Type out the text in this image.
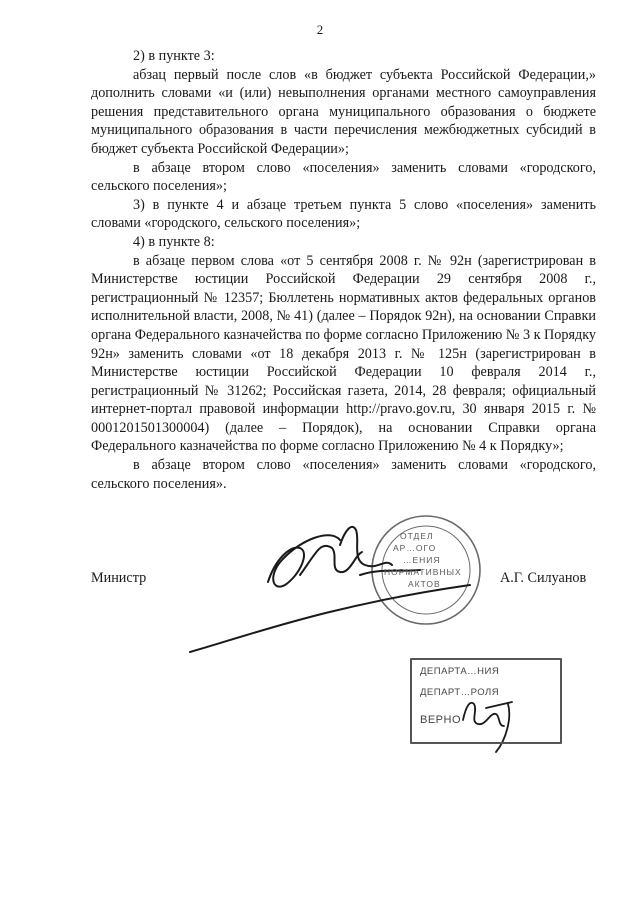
2

2) в пункте 3:

абзац первый после слов «в бюджет субъекта Российской Федерации,» дополнить словами «и (или) невыполнения органами местного самоуправления решения представительного органа муниципального образования о бюджете муниципального образования в части перечисления межбюджетных субсидий в бюджет субъекта Российской Федерации»;

в абзаце втором слово «поселения» заменить словами «городского, сельского поселения»;

3) в пункте 4 и абзаце третьем пункта 5 слово «поселения» заменить словами «городского, сельского поселения»;

4) в пункте 8:

в абзаце первом слова «от 5 сентября 2008 г. № 92н (зарегистрирован в Министерстве юстиции Российской Федерации 29 сентября 2008 г., регистрационный № 12357; Бюллетень нормативных актов федеральных органов исполнительной власти, 2008, № 41) (далее – Порядок 92н), на основании Справки органа Федерального казначейства по форме согласно Приложению № 3 к Порядку 92н» заменить словами «от 18 декабря 2013 г. № 125н (зарегистрирован в Министерстве юстиции Российской Федерации 10 февраля 2014 г., регистрационный № 31262; Российская газета, 2014, 28 февраля; официальный интернет-портал правовой информации http://pravo.gov.ru, 30 января 2015 г. № 0001201501300004) (далее – Порядок), на основании Справки органа Федерального казначейства по форме согласно Приложению № 4 к Порядку»;

в абзаце втором слово «поселения» заменить словами «городского, сельского поселения».

ОТДЕЛ
АР…ОГО
…ЕНИЯ
НОРМАТИВНЫХ
АКТОВ
Министр	А.Г. Силуанов
ДЕПАРТА…НИЯ
ДЕПАРТ…РОЛЯ
ВЕРНО
